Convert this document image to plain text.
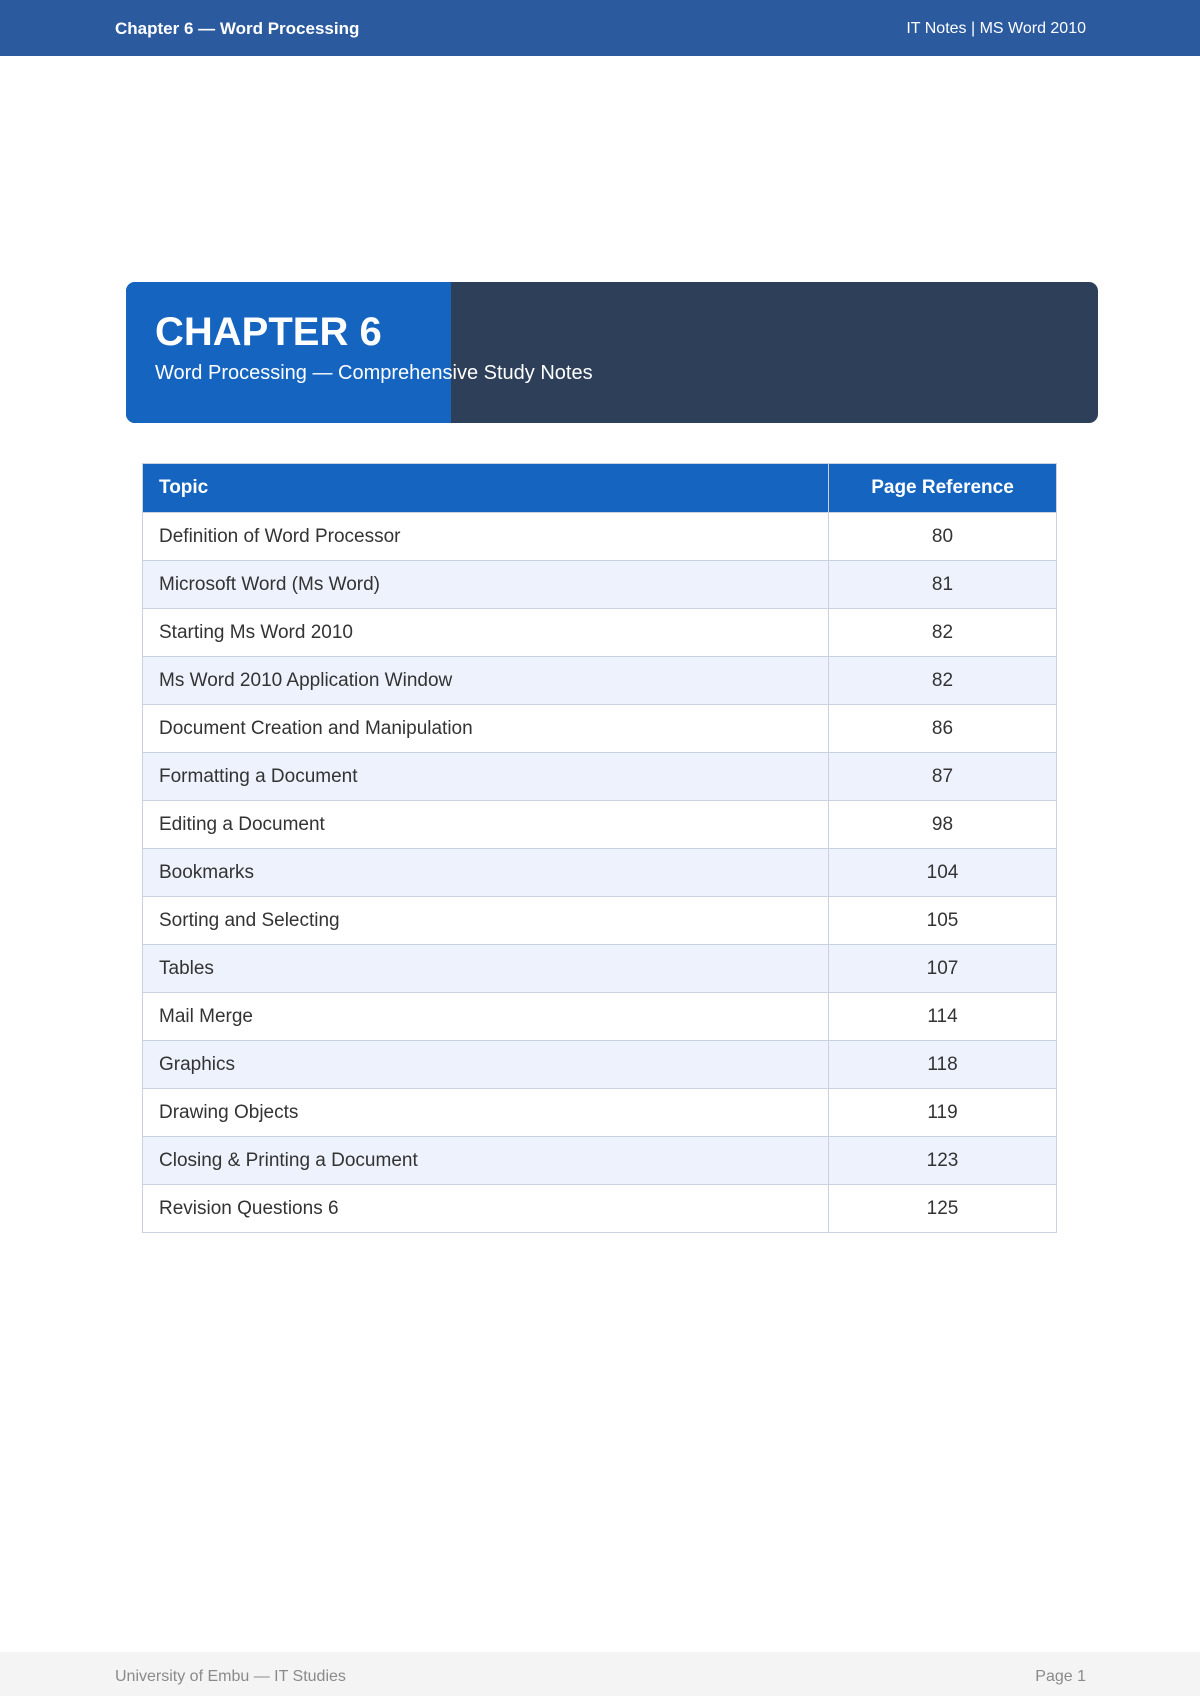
Chapter 6 — Word Processing	IT Notes | MS Word 2010
CHAPTER 6
Word Processing — Comprehensive Study Notes
Topic	Page Reference
Definition of Word Processor	80
Microsoft Word (Ms Word)	81
Starting Ms Word 2010	82
Ms Word 2010 Application Window	82
Document Creation and Manipulation	86
Formatting a Document	87
Editing a Document	98
Bookmarks	104
Sorting and Selecting	105
Tables	107
Mail Merge	114
Graphics	118
Drawing Objects	119
Closing & Printing a Document	123
Revision Questions 6	125
University of Embu — IT Studies	Page 1
